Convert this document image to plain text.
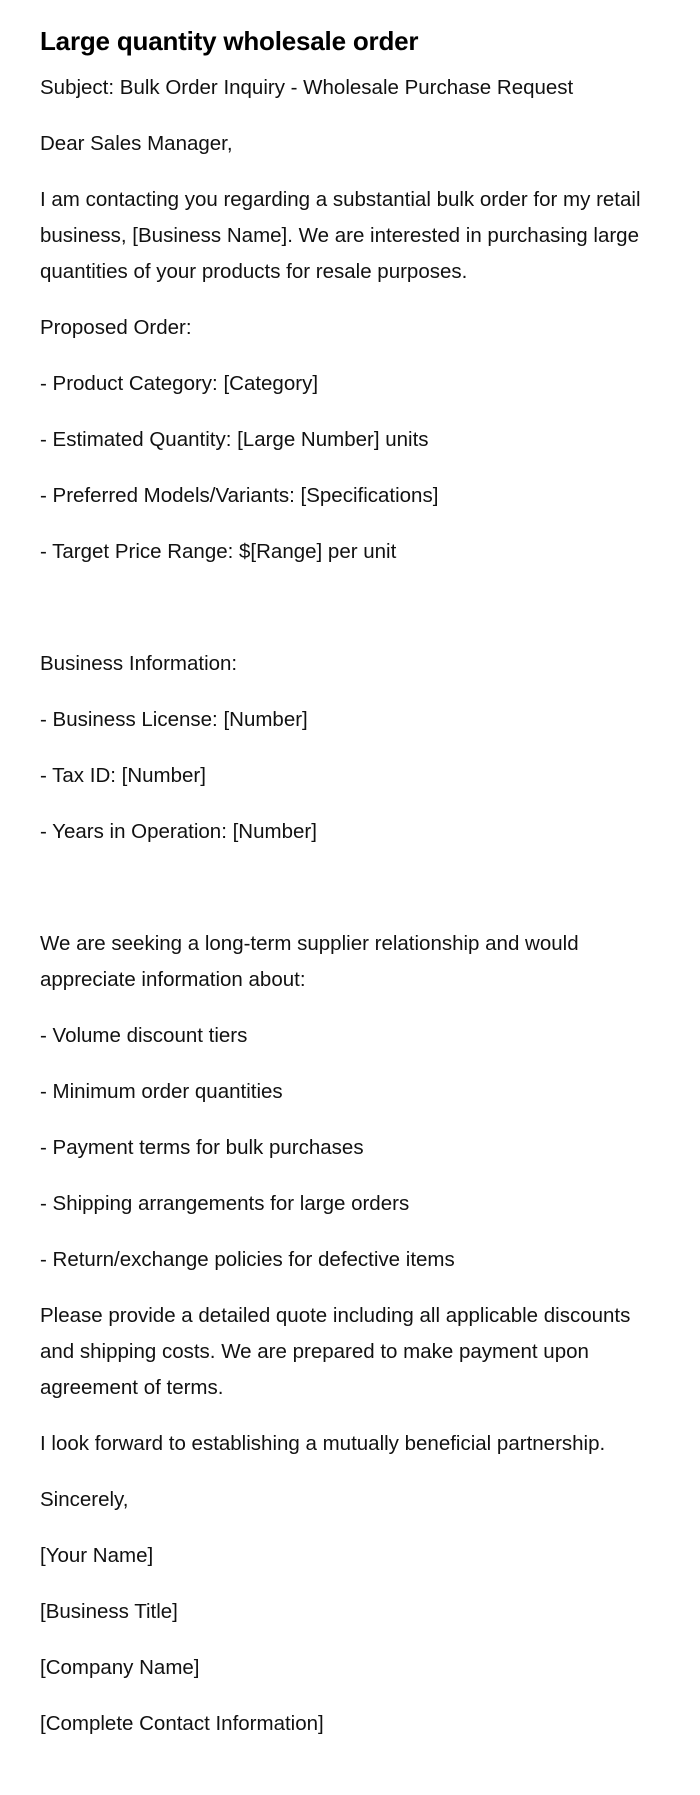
Large quantity wholesale order

Subject: Bulk Order Inquiry - Wholesale Purchase Request

Dear Sales Manager,

I am contacting you regarding a substantial bulk order for my retail business, [Business Name]. We are interested in purchasing large quantities of your products for resale purposes.

Proposed Order:

- Product Category: [Category]

- Estimated Quantity: [Large Number] units

- Preferred Models/Variants: [Specifications]

- Target Price Range: $[Range] per unit

Business Information:

- Business License: [Number]

- Tax ID: [Number]

- Years in Operation: [Number]

We are seeking a long-term supplier relationship and would appreciate information about:

- Volume discount tiers

- Minimum order quantities

- Payment terms for bulk purchases

- Shipping arrangements for large orders

- Return/exchange policies for defective items

Please provide a detailed quote including all applicable discounts and shipping costs. We are prepared to make payment upon agreement of terms.

I look forward to establishing a mutually beneficial partnership.

Sincerely,

[Your Name]

[Business Title]

[Company Name]

[Complete Contact Information]
